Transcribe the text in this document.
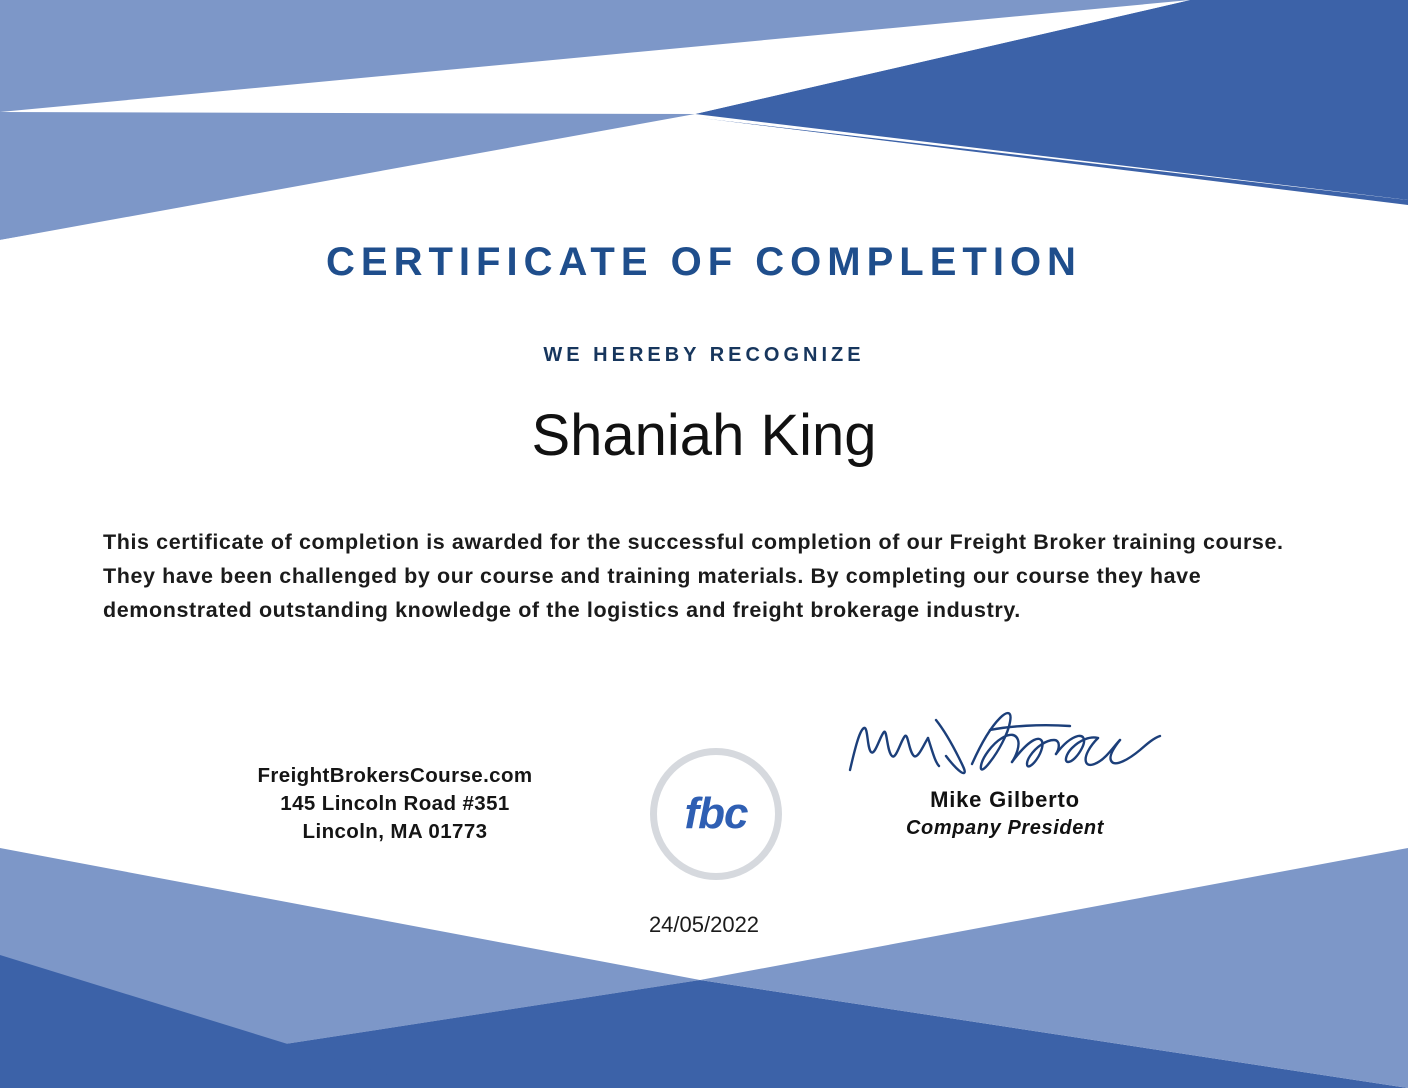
CERTIFICATE OF COMPLETION
WE HEREBY RECOGNIZE
Shaniah King
This certificate of completion is awarded for the successful completion of our Freight Broker training course. They have been challenged by our course and training materials. By completing our course they have demonstrated outstanding knowledge of the logistics and freight brokerage industry.
FreightBrokersCourse.com
145 Lincoln Road #351
Lincoln, MA 01773	fbc	Mike Gilberto
Company President
24/05/2022
